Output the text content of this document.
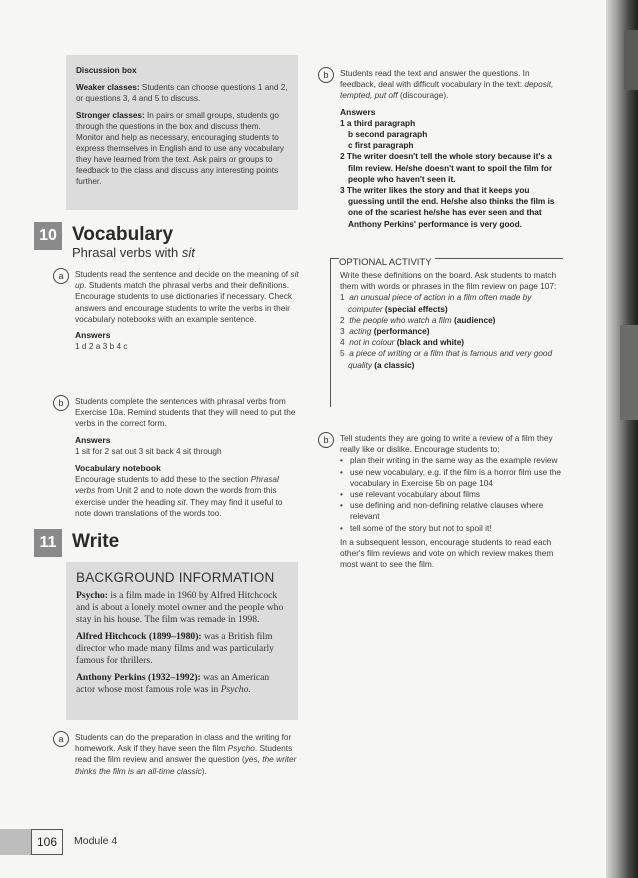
Discussion box

Weaker classes: Students can choose questions 1 and 2, or questions 3, 4 and 5 to discuss.

Stronger classes: In pairs or small groups, students go through the questions in the box and discuss them.

Monitor and help as necessary, encouraging students to express themselves in English and to use any vocabulary they have learned from the text. Ask pairs or groups to feedback to the class and discuss any interesting points further.

10 Vocabulary
Phrasal verbs with sit
a	Students read the sentence and decide on the meaning of sit up. Students match the phrasal verbs and their definitions. Encourage students to use dictionaries if necessary. Check answers and encourage students to write the verbs in their vocabulary notebooks with an example sentence.

Answers

1 d 2 a 3 b 4 c

b	Students complete the sentences with phrasal verbs from Exercise 10a. Remind students that they will need to put the verbs in the correct form.

Answers

1 sit for 2 sat out 3 sit back 4 sit through

Vocabulary notebook

Encourage students to add these to the section Phrasal verbs from Unit 2 and to note down the words from this exercise under the heading sit. They may find it useful to note down translations of the words too.

11 Write
BACKGROUND INFORMATION

Psycho: is a film made in 1960 by Alfred Hitchcock and is about a lonely motel owner and the people who stay in his house. The film was remade in 1998.

Alfred Hitchcock (1899–1980): was a British film director who made many films and was particularly famous for thrillers.

Anthony Perkins (1932–1992): was an American actor whose most famous role was in Psycho.

a	Students can do the preparation in class and the writing for homework. Ask if they have seen the film Psycho. Students read the film review and answer the question (yes, the writer thinks the film is an all-time classic).

b	Students read the text and answer the questions. In feedback, deal with difficult vocabulary in the text: deposit, tempted, put off (discourage).

Answers

1 a third paragraph

b second paragraph

c first paragraph

2 The writer doesn't tell the whole story because it's a film review. He/she doesn't want to spoil the film for people who haven't seen it.

3 The writer likes the story and that it keeps you guessing until the end. He/she also thinks the film is one of the scariest he/she has ever seen and that Anthony Perkins' performance is very good.

OPTIONAL ACTIVITY

Write these definitions on the board. Ask students to match them with words or phrases in the film review on page 107:

1 an unusual piece of action in a film often made by computer (special effects)
2 the people who watch a film (audience)
3 acting (performance)
4 not in colour (black and white)
5 a piece of writing or a film that is famous and very good quality (a classic)
b	Tell students they are going to write a review of a film they really like or dislike. Encourage students to:

• plan their writing in the same way as the example review
• use new vocabulary, e.g. if the film is a horror film use the vocabulary in Exercise 5b on page 104
• use relevant vocabulary about films
• use defining and non-defining relative clauses where relevant
• tell some of the story but not to spoil it!

In a subsequent lesson, encourage students to read each other's film reviews and vote on which review makes them most want to see the film.

106	Module 4
